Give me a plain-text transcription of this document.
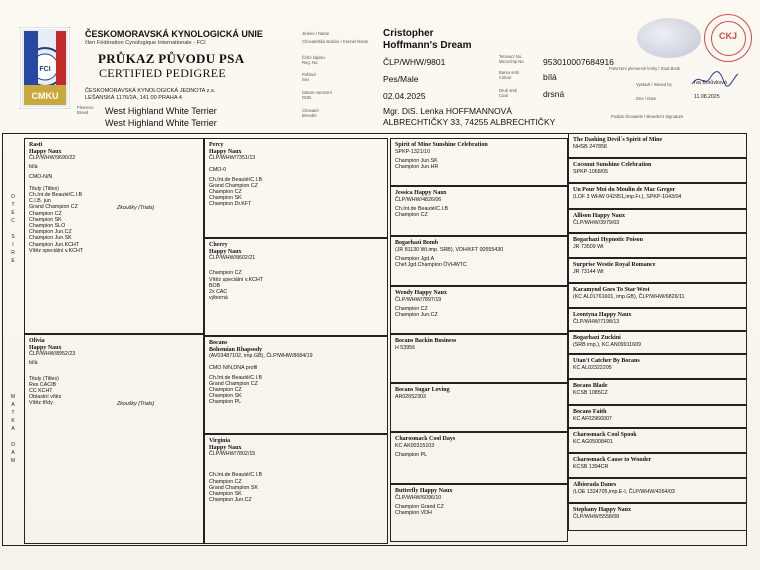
CMKU
FCI
ČESKOMORAVSKÁ KYNOLOGICKÁ UNIE
člen Fédération Cynologique Internationale - FCI
PRŮKAZ PŮVODU PSA
CERTIFIED PEDIGREE
ČESKOMORAVSKÁ KYNOLOGICKÁ JEDNOTA z.s.
LEŠANSKÁ 1176/2A, 141 00 PRAHA 4
Plemeno Breed	West Highland White Terrier
West Highland White Terrier
Jméno / Name
Chovatelská stanice / Kennel Name
Číslo zápisu Reg. No.
Pohlaví Sex
Datum narození DOB
Chovatel Breeder
Cristopher
Hoffmann's Dream
ČLP/WHW/9801
Pes/Male
02.04.2025
Mgr. DiS. Lenka HOFFMANNOVÁ
ALBRECHTIČKY 33, 74255 ALBRECHTIČKY
Tetovací No. Microchip No.
Barva srsti Colour
Druh srsti Coat
953010007684916
bílá
drsná
CKJ
Potvrzení plemenné knihy / Stud Book
Vystavil / Issued by	Iva Borůvková
Dne / Date	11.08.2025
Podpis chovatele / Breeder's Signature
O
T
E
C

S
I
R
E
M
A
T
K
A

D
A
M
Rasti
Happy Naux
ČLP/WHW/9690/22

bílá

CMO-N/N

Tituly (Titles)
Ch.Int.de Beauté/C.I.B
C.I.B. jun
Grand Champion CZ
Champion CZ
Champion SK
Champion SLO
Champion Jun.CZ
Champion Jun.SK
Champion Jun.KCHT
Vítěz speciální v.KCHT
Zkoušky (Trials)
Olivia
Happy Naux
ČLP/WHW/8952/23

bílá

Tituly (Titles)
Res CACIB
CC KCHT
Oblastní vítěz
Vítěz třídy	Zkoušky (Trials)
Percy
Happy Naux
ČLP/WHW/7351/13

CMO-0

Ch.Int.de Beauté/C.I.B
Grand Champion CZ
Champion CZ
Champion SK
Champion Dr.KFT
Cherry
Happy Naux
ČLP/WHW/8602/21

Champion CZ
Vítěz speciální v.KCHT
BOB
2x CAC
výborná
Bocans
Bohemian Rhapsody
(AV03487102, imp.GB), ČLP/WHW/8684/19

CMO N/N,DNA profil

Ch.Int.de Beauté/C.I.B
Grand Champion CZ
Champion CZ
Champion SK
Champion PL
Virginia
Happy Naux
ČLP/WHW/7802/15

Ch.Int.de Beauté/C.I.B
Champion CZ
Grand Champion SK
Champion SK
Champion Jun.CZ
Spirit of Mine Sunshine Celebration
SPKP-1321/10

Champion Jun.SK
Champion Jun.HR
Jessica Happy Naux
ČLP/WHW/4826/06

Ch.Int.de Beauté/C.I.B
Champion CZ
Bogarhazi Bomb
(JR 81130 Wt.imp. SRB), VDH/KFT 00555430

Champion Jgd.A
Chef.Jgd.Champion ÖVHWTC
Wendy Happy Naux
ČLP/WHW/7897/19

Champion CZ
Champion Jun.CZ
Bocans Backin Business
H 53956
Bocans Sugar Loving
AR02652303
Charosmack Cool Days
KC AK00315103

Champion PL
Butterfly Happy Naux
ČLP/WHW/6096/10

Champion Grand CZ
Champion VDH
The Dashing Devil´s Spirit of Mine
NHSB 247858
Coconut Sunshine Celebration
SPKP-1068/05
Un Pour Moi du Moulin de Mac Gregor
(LOF 3 WHW 042951,imp.Fr.), SPKP-1043/04
Allison Happy Naux
ČLP/WHW/3979/03
Bogarhazi Hypnotic Poison
JR 73509 Wt
Surprise Westie Royal Romance
JR 73144 Wt
Karamynd Goes To Star West
(KC AL01761601, imp.GB), ČLP/WHW/6826/11
Leontyna Happy Naux
ČLP/WHW/7198/13
Bogarhazi Zuckini
(SRB imp.), KC AN09911609
Utan't Catcher By Bocans
KC AL02322205
Bocans Blade
KCSB 1085CZ
Bocans Faith
KC AF02966007
Charosmack Cool Spook
KC AG05008401
Charosmack Cause to Wonder
KCSB 1394CR
Albiorada Danes
(LOE 1324705,imp.E-I, ČLP/WHW/4264/03
Stephany Happy Naux
ČLP/WHW/5558/08
